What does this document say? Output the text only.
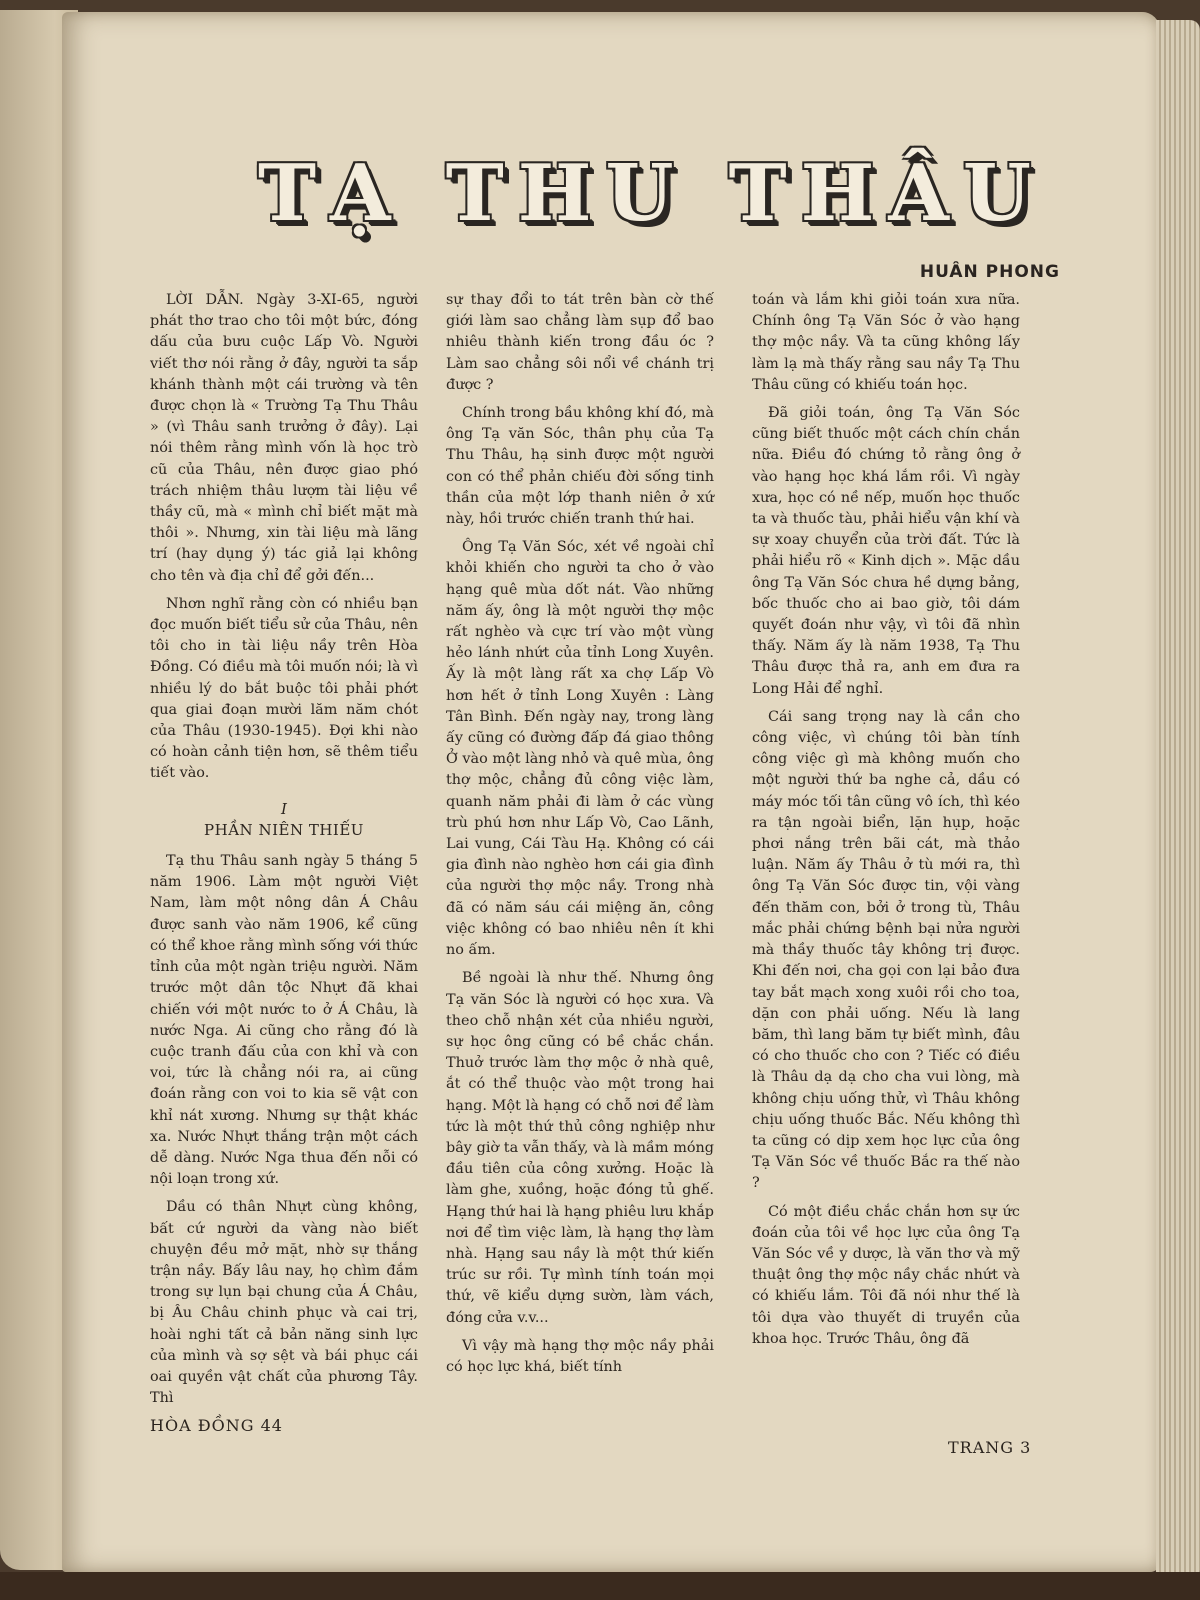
TẠ THU THÂU
HUÂN PHONG

LỜI DẪN. Ngày 3-XI-65, người phát thơ trao cho tôi một bức, đóng dấu của bưu cuộc Lấp Vò. Người viết thơ nói rằng ở đây, người ta sắp khánh thành một cái trường và tên được chọn là « Trường Tạ Thu Thâu » (vì Thâu sanh trưởng ở đây). Lại nói thêm rằng mình vốn là học trò cũ của Thâu, nên được giao phó trách nhiệm thâu lượm tài liệu về thầy cũ, mà « mình chỉ biết mặt mà thôi ». Nhưng, xin tài liệu mà lãng trí (hay dụng ý) tác giả lại không cho tên và địa chỉ để gởi đến...

Nhơn nghĩ rằng còn có nhiều bạn đọc muốn biết tiểu sử của Thâu, nên tôi cho in tài liệu nầy trên Hòa Đồng. Có điều mà tôi muốn nói; là vì nhiều lý do bắt buộc tôi phải phớt qua giai đoạn mười lăm năm chót của Thâu (1930-1945). Đợi khi nào có hoàn cảnh tiện hơn, sẽ thêm tiểu tiết vào.

I
PHẦN NIÊN THIẾU

Tạ thu Thâu sanh ngày 5 tháng 5 năm 1906. Làm một người Việt Nam, làm một nông dân Á Châu được sanh vào năm 1906, kể cũng có thể khoe rằng mình sống với thức tỉnh của một ngàn triệu người. Năm trước một dân tộc Nhựt đã khai chiến với một nước to ở Á Châu, là nước Nga. Ai cũng cho rằng đó là cuộc tranh đấu của con khỉ và con voi, tức là chẳng nói ra, ai cũng đoán rằng con voi to kia sẽ vật con khỉ nát xương. Nhưng sự thật khác xa. Nước Nhựt thắng trận một cách dễ dàng. Nước Nga thua đến nỗi có nội loạn trong xứ.

Dầu có thân Nhựt cùng không, bất cứ người da vàng nào biết chuyện đều mở mặt, nhờ sự thắng trận nầy. Bấy lâu nay, họ chìm đắm trong sự lụn bại chung của Á Châu, bị Âu Châu chinh phục và cai trị, hoài nghi tất cả bản năng sinh lực của mình và sợ sệt và bái phục cái oai quyền vật chất của phương Tây. Thì

sự thay đổi to tát trên bàn cờ thế giới làm sao chẳng làm sụp đổ bao nhiêu thành kiến trong đầu óc ? Làm sao chẳng sôi nổi về chánh trị được ?

Chính trong bầu không khí đó, mà ông Tạ văn Sóc, thân phụ của Tạ Thu Thâu, hạ sinh được một người con có thể phản chiếu đời sống tinh thần của một lớp thanh niên ở xứ này, hồi trước chiến tranh thứ hai.

Ông Tạ Văn Sóc, xét về ngoài chỉ khỏi khiến cho người ta cho ở vào hạng quê mùa dốt nát. Vào những năm ấy, ông là một người thợ mộc rất nghèo và cực trí vào một vùng hẻo lánh nhứt của tỉnh Long Xuyên. Ấy là một làng rất xa chợ Lấp Vò hơn hết ở tỉnh Long Xuyên : Làng Tân Bình. Đến ngày nay, trong làng ấy cũng có đường đấp đá giao thông Ở vào một làng nhỏ và quê mùa, ông thợ mộc, chẳng đủ công việc làm, quanh năm phải đi làm ở các vùng trù phú hơn như Lấp Vò, Cao Lãnh, Lai vung, Cái Tàu Hạ. Không có cái gia đình nào nghèo hơn cái gia đình của người thợ mộc nầy. Trong nhà đã có năm sáu cái miệng ăn, công việc không có bao nhiêu nên ít khi no ấm.

Bề ngoài là như thế. Nhưng ông Tạ văn Sóc là người có học xưa. Và theo chỗ nhận xét của nhiều người, sự học ông cũng có bề chắc chắn. Thuở trước làm thợ mộc ở nhà quê, ắt có thể thuộc vào một trong hai hạng. Một là hạng có chỗ nơi để làm tức là một thứ thủ công nghiệp như bây giờ ta vẫn thấy, và là mầm móng đầu tiên của công xưởng. Hoặc là làm ghe, xuồng, hoặc đóng tủ ghế. Hạng thứ hai là hạng phiêu lưu khắp nơi để tìm việc làm, là hạng thợ làm nhà. Hạng sau nầy là một thứ kiến trúc sư rồi. Tự mình tính toán mọi thứ, vẽ kiểu dựng sườn, làm vách, đóng cửa v.v...

Vì vậy mà hạng thợ mộc nầy phải có học lực khá, biết tính

toán và lắm khi giỏi toán xưa nữa. Chính ông Tạ Văn Sóc ở vào hạng thợ mộc nầy. Và ta cũng không lấy làm lạ mà thấy rằng sau nầy Tạ Thu Thâu cũng có khiếu toán học.

Đã giỏi toán, ông Tạ Văn Sóc cũng biết thuốc một cách chín chắn nữa. Điều đó chứng tỏ rằng ông ở vào hạng học khá lắm rồi. Vì ngày xưa, học có nề nếp, muốn học thuốc ta và thuốc tàu, phải hiểu vận khí và sự xoay chuyển của trời đất. Tức là phải hiểu rõ « Kinh dịch ». Mặc dầu ông Tạ Văn Sóc chưa hề dựng bảng, bốc thuốc cho ai bao giờ, tôi dám quyết đoán như vậy, vì tôi đã nhìn thấy. Năm ấy là năm 1938, Tạ Thu Thâu được thả ra, anh em đưa ra Long Hải để nghỉ.

Cái sang trọng nay là cần cho công việc, vì chúng tôi bàn tính công việc gì mà không muốn cho một người thứ ba nghe cả, dầu có máy móc tối tân cũng vô ích, thì kéo ra tận ngoài biển, lặn hụp, hoặc phơi nắng trên bãi cát, mà thảo luận. Năm ấy Thâu ở tù mới ra, thì ông Tạ Văn Sóc được tin, vội vàng đến thăm con, bởi ở trong tù, Thâu mắc phải chứng bệnh bại nửa người mà thầy thuốc tây không trị được. Khi đến nơi, cha gọi con lại bảo đưa tay bắt mạch xong xuôi rồi cho toa, dặn con phải uống. Nếu là lang băm, thì lang băm tự biết mình, đâu có cho thuốc cho con ? Tiếc có điều là Thâu dạ dạ cho cha vui lòng, mà không chịu uống thử, vì Thâu không chịu uống thuốc Bắc. Nếu không thì ta cũng có dịp xem học lực của ông Tạ Văn Sóc về thuốc Bắc ra thế nào ?

Có một điều chắc chắn hơn sự ức đoán của tôi về học lực của ông Tạ Văn Sóc về y dược, là văn thơ và mỹ thuật ông thợ mộc nầy chắc nhứt và có khiếu lắm. Tôi đã nói như thế là tôi dựa vào thuyết di truyền của khoa học. Trước Thâu, ông đã

HÒA ĐỒNG 44
TRANG 3
